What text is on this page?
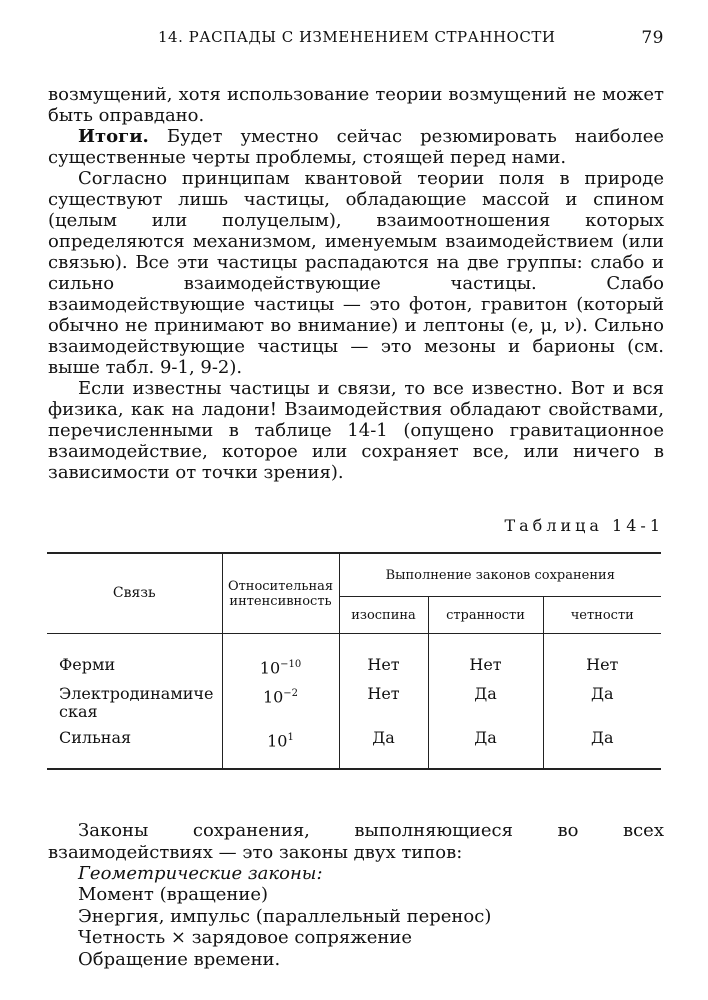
14. РАСПАДЫ С ИЗМЕНЕНИЕМ СТРАННОСТИ	79

возмущений, хотя использование теории возмущений не может быть оправдано.

Итоги. Будет уместно сейчас резюмировать наиболее существенные черты проблемы, стоящей перед нами.

Согласно принципам квантовой теории поля в природе существуют лишь частицы, обладающие массой и спином (целым или полуцелым), взаимоотношения которых определяются механизмом, именуемым взаимодействием (или связью). Все эти частицы распадаются на две группы: слабо и сильно взаимодействующие частицы. Слабо взаимодействующие частицы — это фотон, гравитон (который обычно не принимают во внимание) и лептоны (e, μ, ν). Сильно взаимодействующие частицы — это мезоны и барионы (см. выше табл. 9-1, 9-2).

Если известны частицы и связи, то все известно. Вот и вся физика, как на ладони! Взаимодействия обладают свойствами, перечисленными в таблице 14-1 (опущено гравитационное взаимодействие, которое или сохраняет все, или ничего в зависимости от точки зрения).

Таблица 14-1
Связь	Относительная интенсивность	Выполнение законов сохранения		
		изоспина	странности	четности
Ферми	$10^{-10}$	Нет	Нет	Нет
Электродинамическая	$10^{-2}$	Нет	Да	Да
Сильная	$10^1$	Да	Да	Да

Законы сохранения, выполняющиеся во всех взаимодействиях — это законы двух типов:

Геометрические законы:

Момент (вращение)

Энергия, импульс (параллельный перенос)

Четность × зарядовое сопряжение

Обращение времени.
